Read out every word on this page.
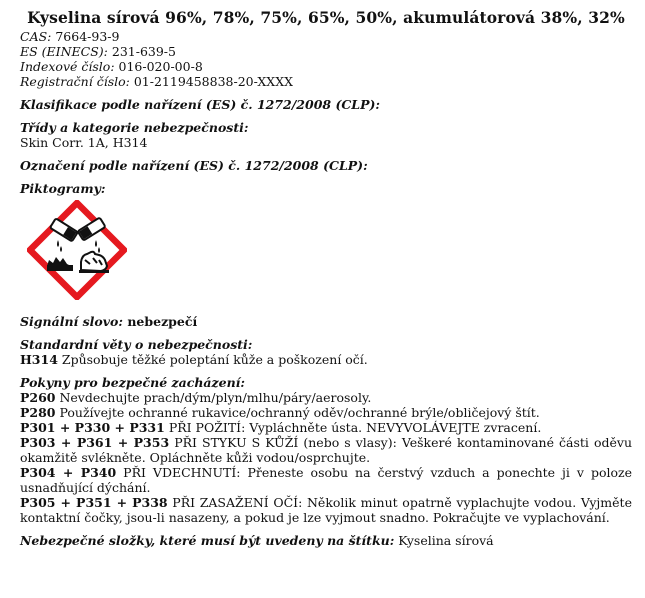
Kyselina sírová 96%, 78%, 75%, 65%, 50%, akumulátorová 38%, 32%

CAS: 7664-93-9

ES (EINECS): 231-639-5

Indexové číslo: 016-020-00-8

Registrační číslo: 01-2119458838-20-XXXX

Klasifikace podle nařízení (ES) č. 1272/2008 (CLP):
Třídy a kategorie nebezpečnosti:

Skin Corr. 1A, H314

Označení podle nařízení (ES) č. 1272/2008 (CLP):
Piktogramy:
Signální slovo: nebezpečí
Standardní věty o nebezpečnosti:

H314 Způsobuje těžké poleptání kůže a poškození očí.

Pokyny pro bezpečné zacházení:

P260 Nevdechujte prach/dým/plyn/mlhu/páry/aerosoly.

P280 Používejte ochranné rukavice/ochranný oděv/ochranné brýle/obličejový štít.

P301 + P330 + P331 PŘI POŽITÍ: Vypláchněte ústa. NEVYVOLÁVEJTE zvracení.

P303 + P361 + P353 PŘI STYKU S KŮŽÍ (nebo s vlasy): Veškeré kontaminované části oděvu okamžitě svlékněte. Opláchněte kůži vodou/osprchujte.

P304 + P340 PŘI VDECHNUTÍ: Přeneste osobu na čerstvý vzduch a ponechte ji v poloze usnadňující dýchání.

P305 + P351 + P338 PŘI ZASAŽENÍ OČÍ: Několik minut opatrně vyplachujte vodou. Vyjměte kontaktní čočky, jsou-li nasazeny, a pokud je lze vyjmout snadno. Pokračujte ve vyplachování.

Nebezpečné složky, které musí být uvedeny na štítku: Kyselina sírová
